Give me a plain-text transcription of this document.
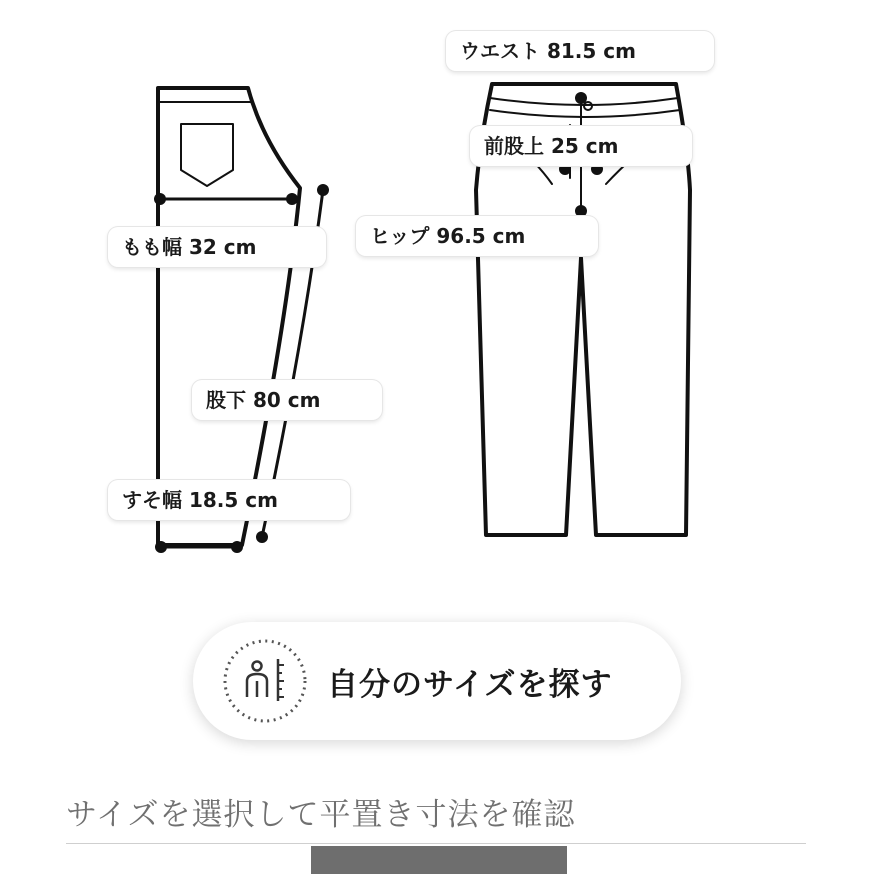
ウエスト 81.5 cm
前股上 25 cm
ヒップ 96.5 cm
もも幅 32 cm
股下 80 cm
すそ幅 18.5 cm
自分のサイズを探す
サイズを選択して平置き寸法を確認
